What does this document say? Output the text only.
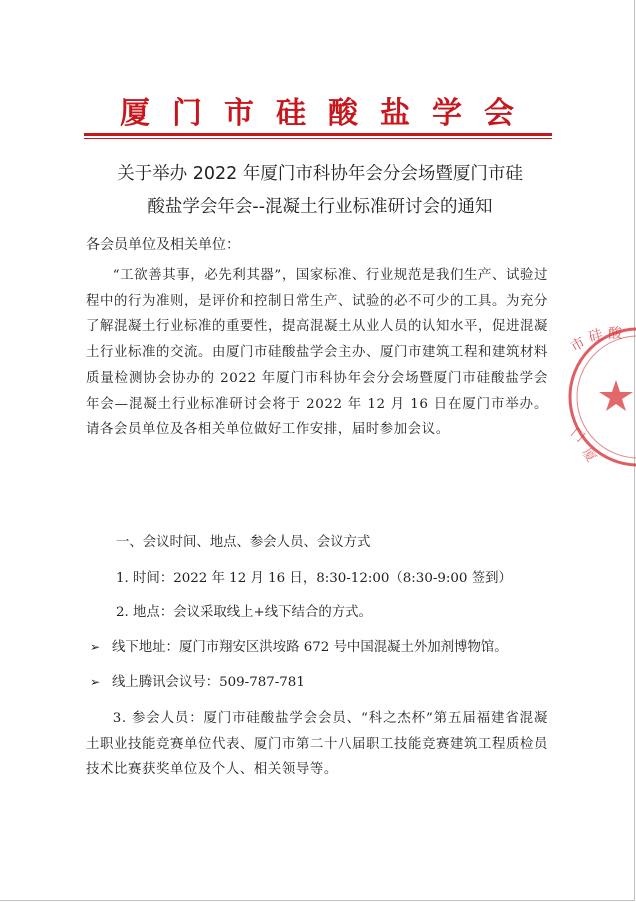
厦门市硅酸盐学会
关于举办 2022 年厦门市科协年会分会场暨厦门市硅
酸盐学会年会--混凝土行业标准研讨会的通知
各会员单位及相关单位：
“工欲善其事，必先利其器”，国家标准、行业规范是我们生产、试验过程中的行为准则，是评价和控制日常生产、试验的必不可少的工具。为充分了解混凝土行业标准的重要性，提高混凝土从业人员的认知水平，促进混凝土行业标准的交流。由厦门市硅酸盐学会主办、厦门市建筑工程和建筑材料质量检测协会协办的 2022 年厦门市科协年会分会场暨厦门市硅酸盐学会年会—混凝土行业标准研讨会将于 2022 年 12 月 16 日在厦门市举办。请各会员单位及各相关单位做好工作安排，届时参加会议。
一、会议时间、地点、参会人员、会议方式
1. 时间：2022 年 12 月 16 日，8:30-12:00（8:30-9:00 签到）
2. 地点：会议采取线上+线下结合的方式。
➢ 线下地址：厦门市翔安区洪垵路 672 号中国混凝土外加剂博物馆。
➢ 线上腾讯会议号：509-787-781
3. 参会人员：厦门市硅酸盐学会会员、“科之杰杯”第五届福建省混凝土职业技能竞赛单位代表、厦门市第二十八届职工技能竞赛建筑工程质检员技术比赛获奖单位及个人、相关领导等。
市
硅 酸
门
厦
